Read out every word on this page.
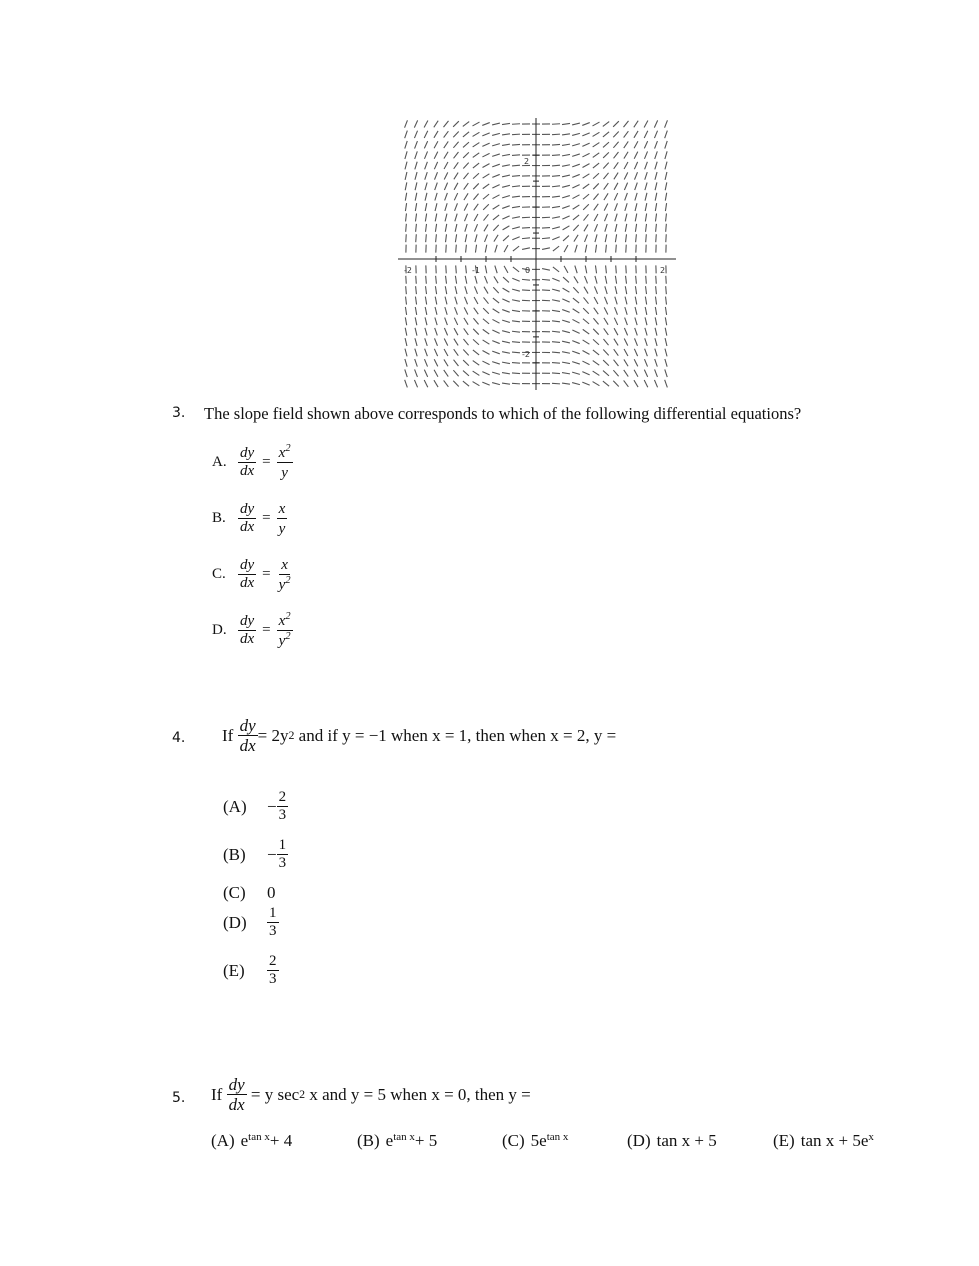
-2	-1	0	2
2
-2
3. The slope field shown above corresponds to which of the following differential equations?
A. $\frac{dy}{dx} = \frac{x^2}{y}$
B. $\frac{dy}{dx} = \frac{x}{y}$
C. $\frac{dy}{dx} = \frac{x}{y^2}$
D. $\frac{dy}{dx} = \frac{x^2}{y^2}$
4. If
$\frac{dy}{dx} = 2y$ 2
and if y = −1 when x = 1, then when x = 2, y =
(A)	− $\frac{2}{3}$
(B)	− $\frac{1}{3}$
(C)	0
(D)	$\frac{1}{3}$
(E)	$\frac{2}{3}$
5. If
$\frac{dy}{dx}$
= y sec 2
x and y = 5 when x = 0, then y =
(A) $e^{tan x} + 4$	(B) $e^{tan x} + 5$	(C) $5e^{tan x}$	(D) tan x + 5	(E) $\tan x + 5e^x$
